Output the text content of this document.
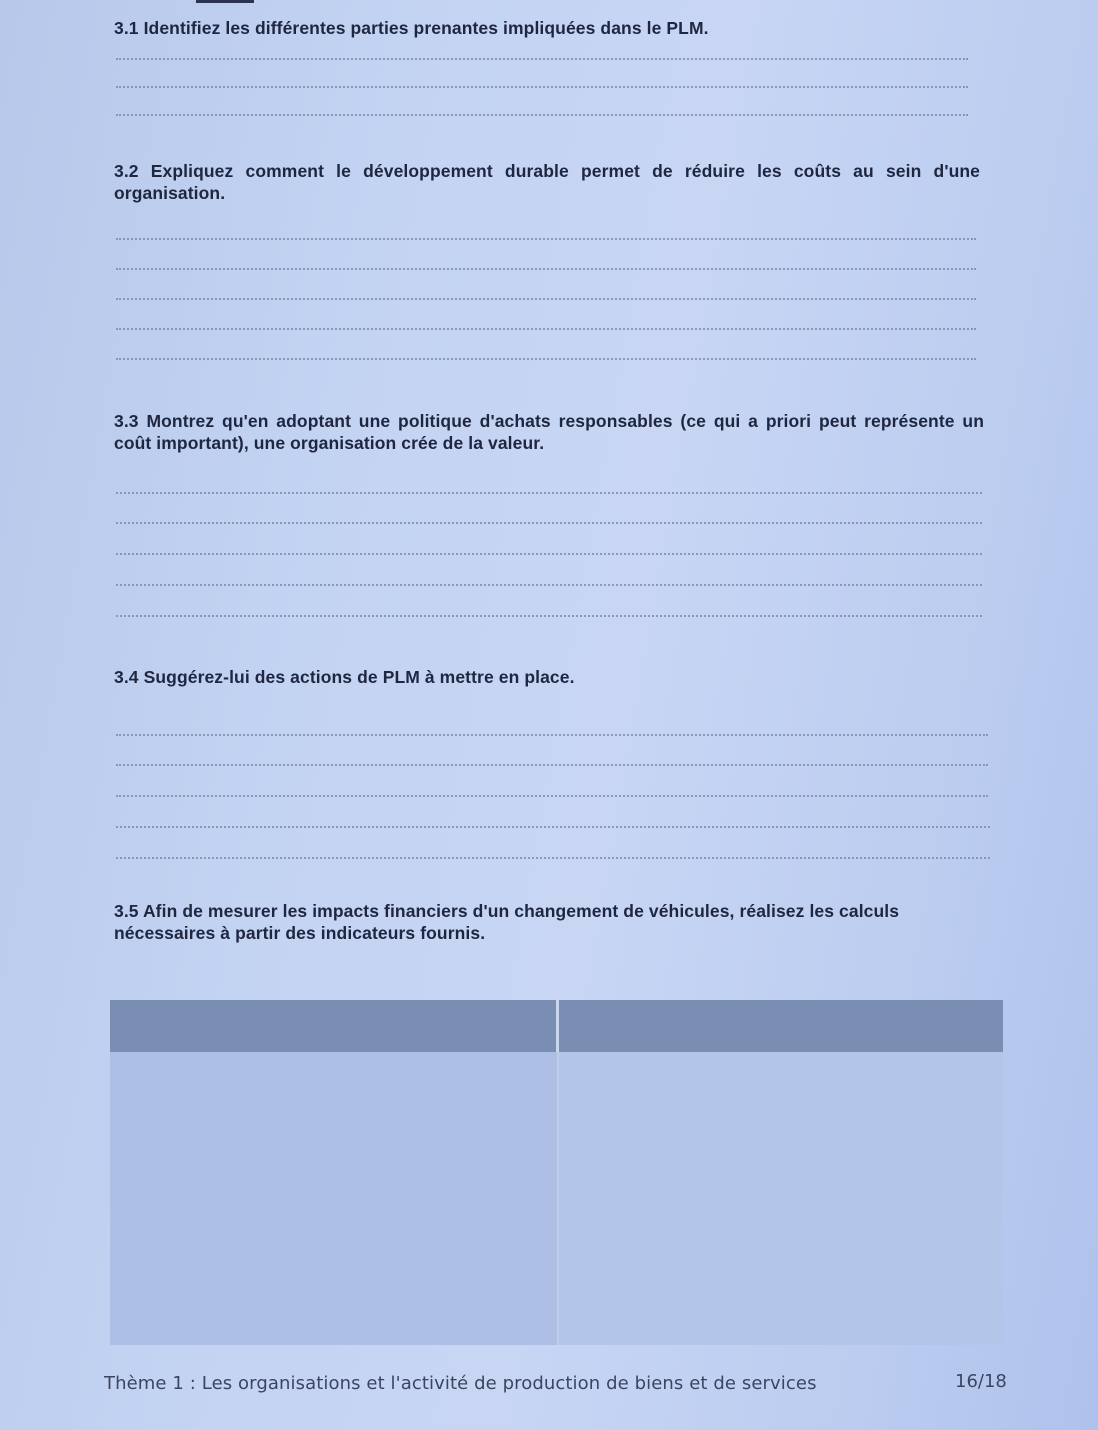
3.1 Identifiez les différentes parties prenantes impliquées dans le PLM.
3.2 Expliquez comment le développement durable permet de réduire les coûts au sein d'une organisation.
3.3 Montrez qu'en adoptant une politique d'achats responsables (ce qui a priori peut représente un coût important), une organisation crée de la valeur.
3.4 Suggérez-lui des actions de PLM à mettre en place.
3.5 Afin de mesurer les impacts financiers d'un changement de véhicules, réalisez les calculs nécessaires à partir des indicateurs fournis.
Thème 1 : Les organisations et l'activité de production de biens et de services	16/18
